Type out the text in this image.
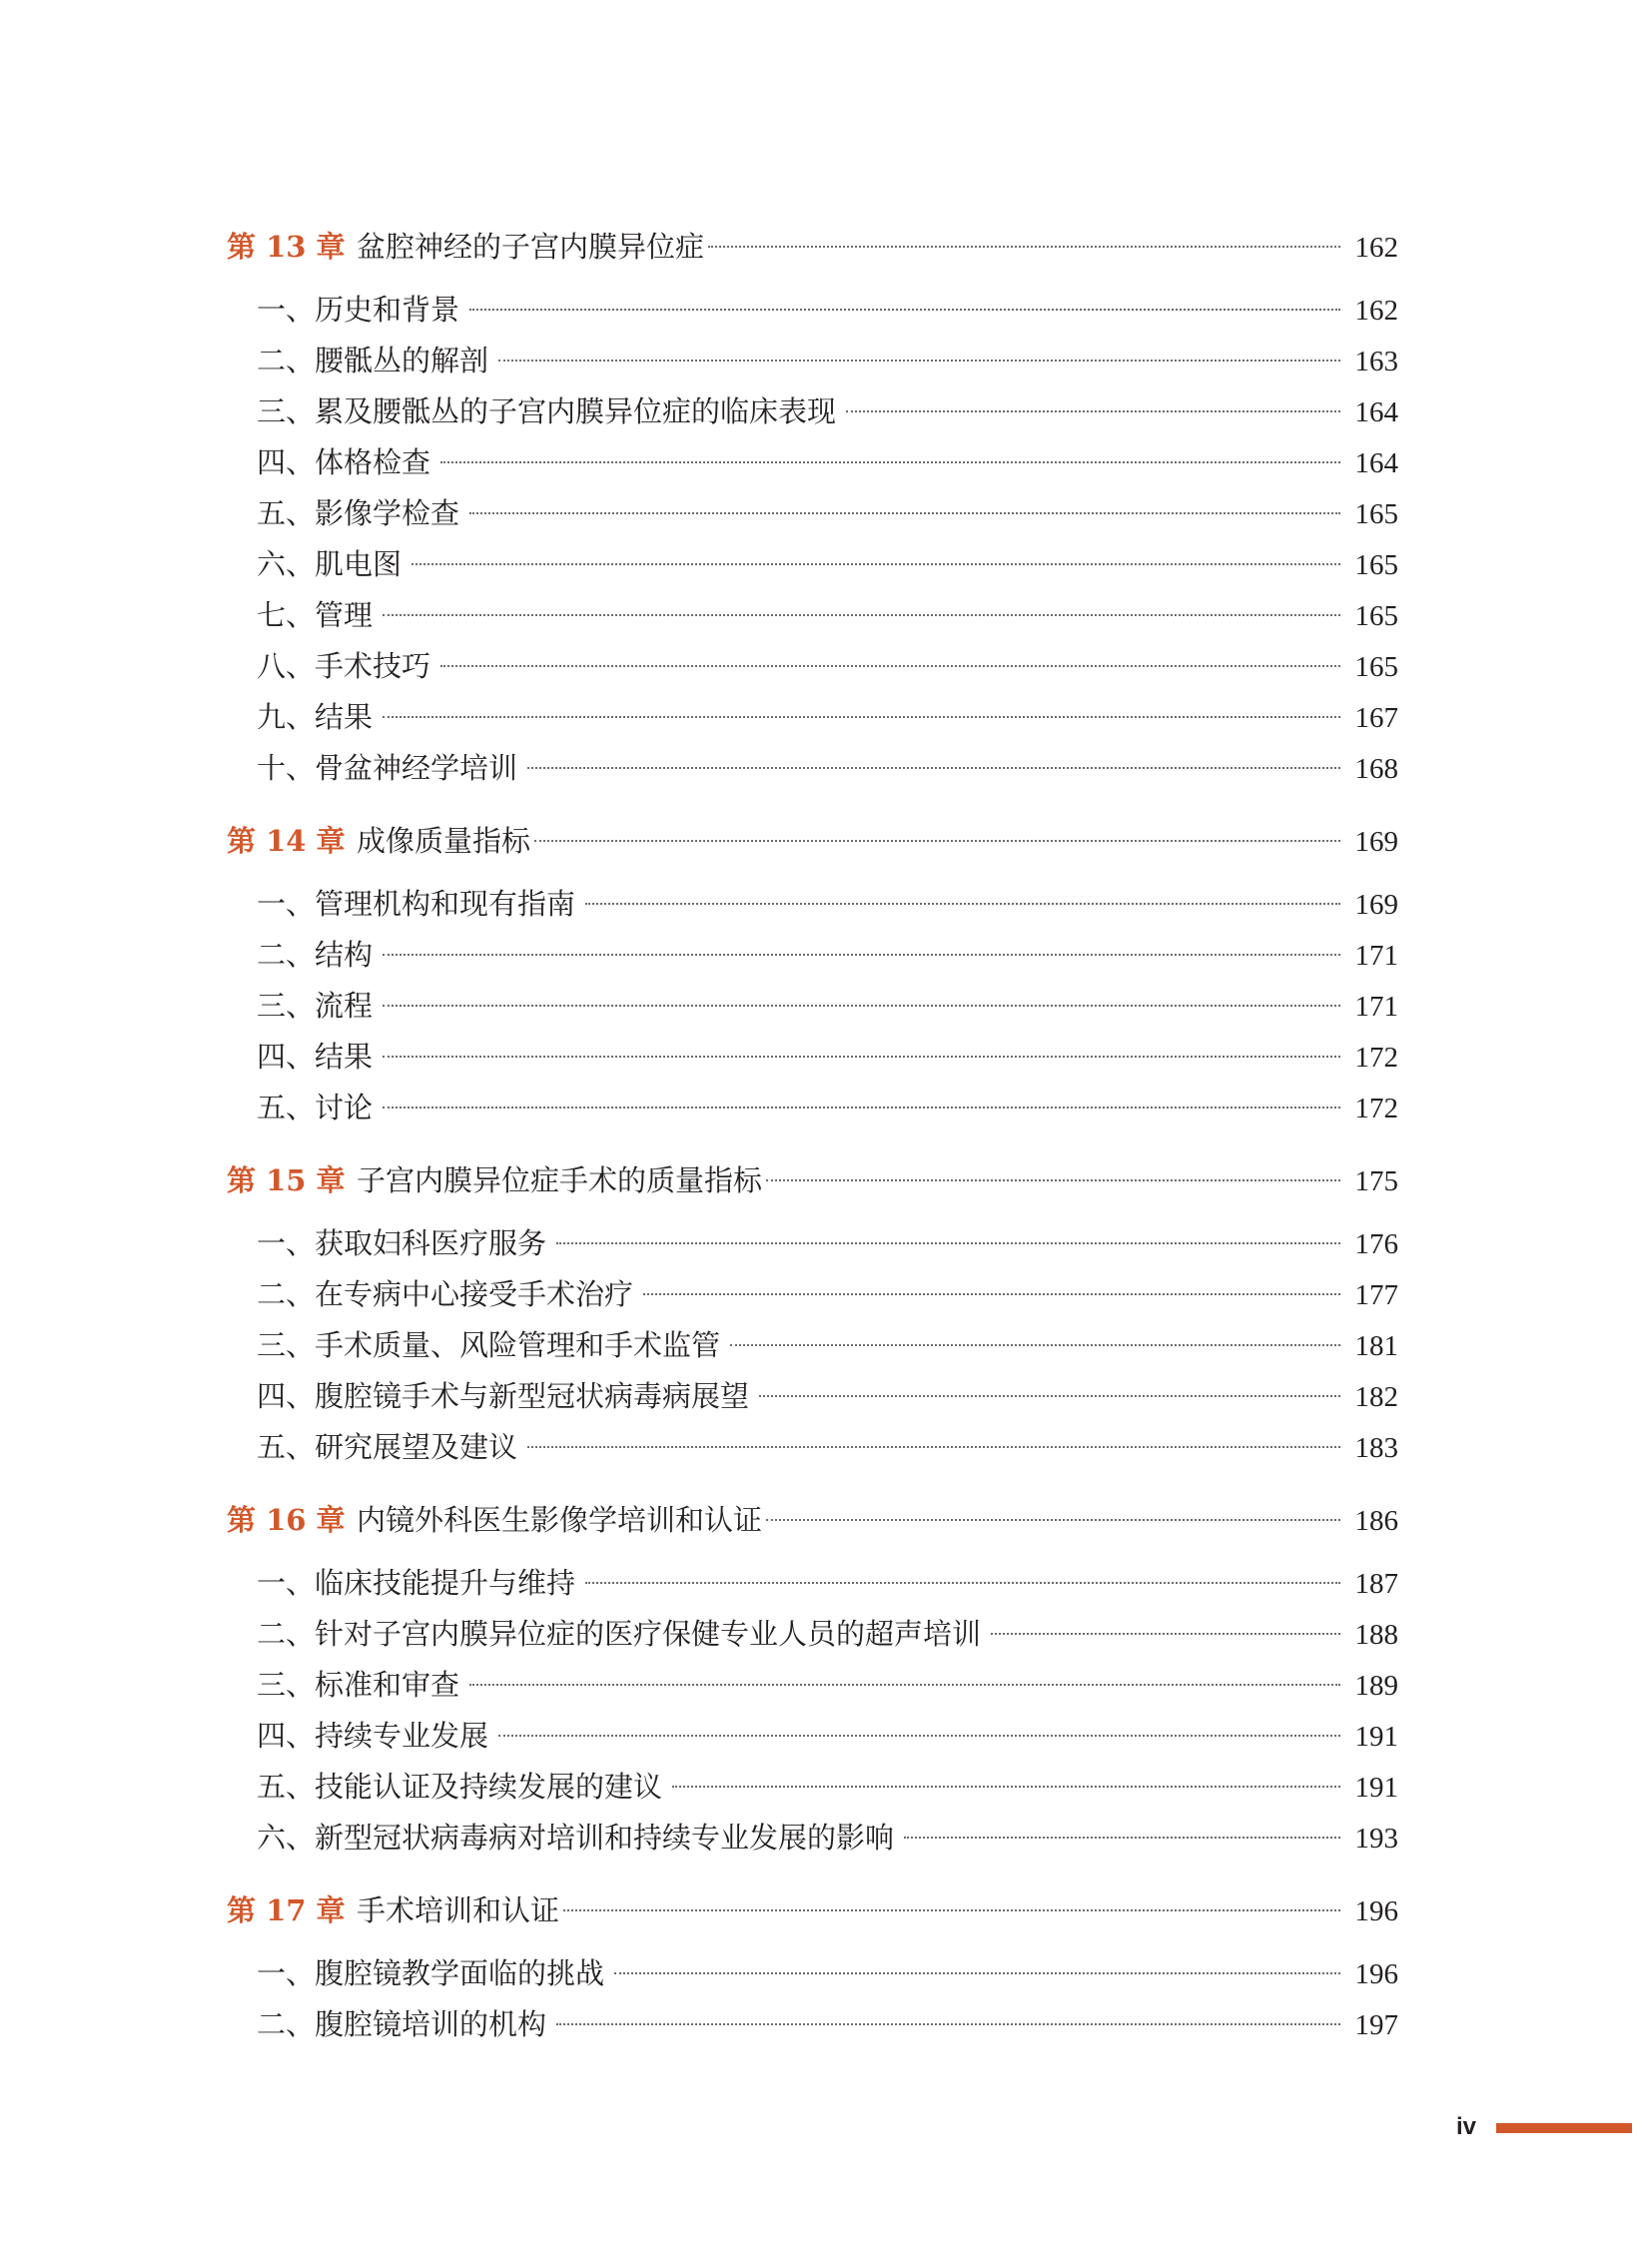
第 13 章 盆腔神经的子宫内膜异位症	162
一、历史和背景	162
二、腰骶丛的解剖	163
三、累及腰骶丛的子宫内膜异位症的临床表现	164
四、体格检查	164
五、影像学检查	165
六、肌电图	165
七、管理	165
八、手术技巧	165
九、结果	167
十、骨盆神经学培训	168
第 14 章 成像质量指标	169
一、管理机构和现有指南	169
二、结构	171
三、流程	171
四、结果	172
五、讨论	172
第 15 章 子宫内膜异位症手术的质量指标	175
一、获取妇科医疗服务	176
二、在专病中心接受手术治疗	177
三、手术质量、风险管理和手术监管	181
四、腹腔镜手术与新型冠状病毒病展望	182
五、研究展望及建议	183
第 16 章 内镜外科医生影像学培训和认证	186
一、临床技能提升与维持	187
二、针对子宫内膜异位症的医疗保健专业人员的超声培训	188
三、标准和审查	189
四、持续专业发展	191
五、技能认证及持续发展的建议	191
六、新型冠状病毒病对培训和持续专业发展的影响	193
第 17 章 手术培训和认证	196
一、腹腔镜教学面临的挑战	196
二、腹腔镜培训的机构	197
iv
